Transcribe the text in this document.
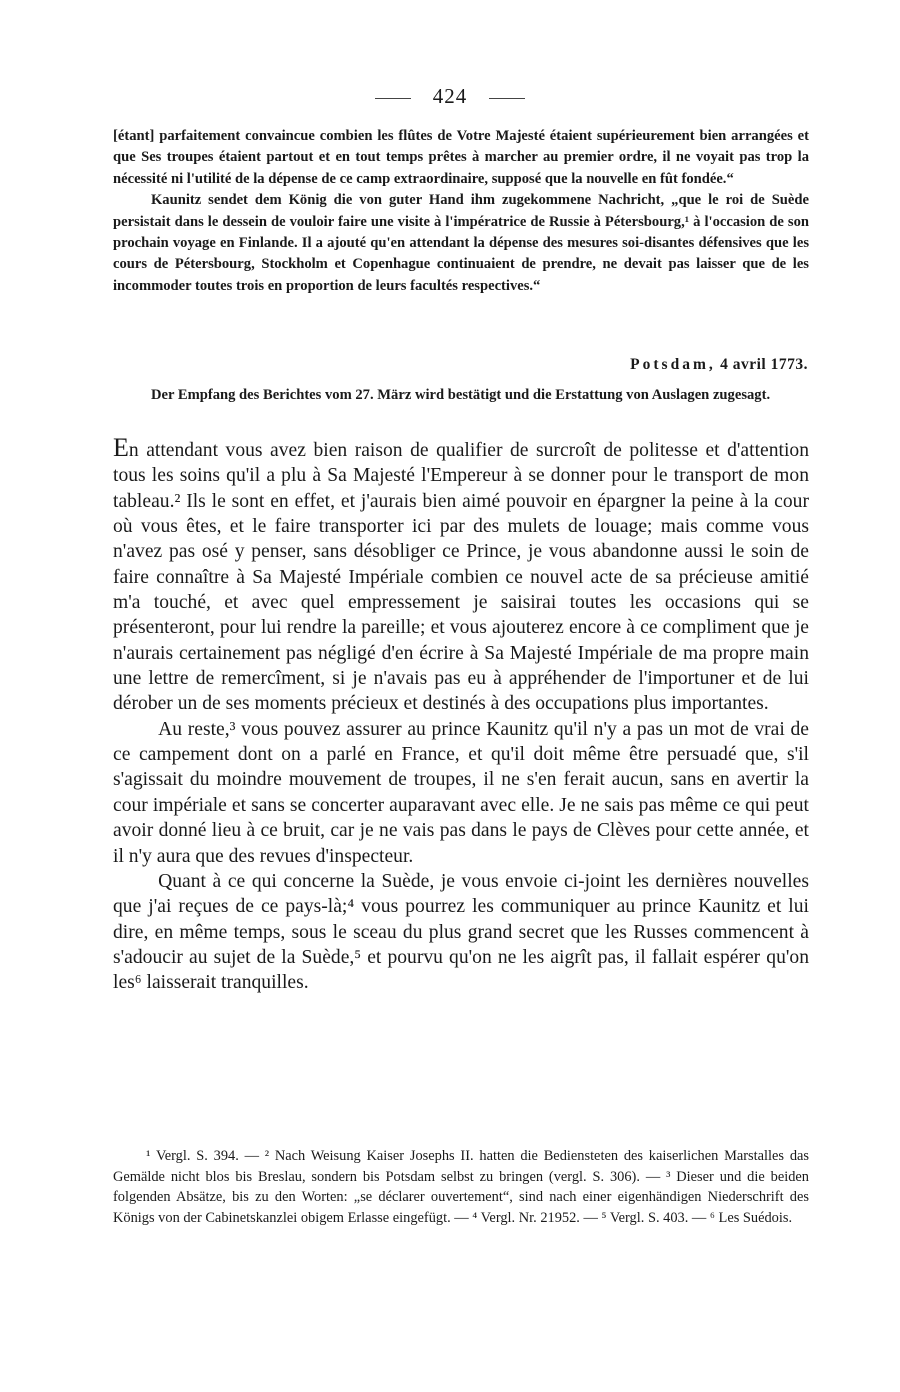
424

[étant] parfaitement convaincue combien les flûtes de Votre Majesté étaient supérieurement bien arrangées et que Ses troupes étaient partout et en tout temps prêtes à marcher au premier ordre, il ne voyait pas trop la nécessité ni l'utilité de la dépense de ce camp extraordinaire, supposé que la nouvelle en fût fondée.“

Kaunitz sendet dem König die von guter Hand ihm zugekommene Nachricht, „que le roi de Suède persistait dans le dessein de vouloir faire une visite à l'impératrice de Russie à Pétersbourg,¹ à l'occasion de son prochain voyage en Finlande. Il a ajouté qu'en attendant la dépense des mesures soi-disantes défensives que les cours de Pétersbourg, Stockholm et Copenhague continuaient de prendre, ne devait pas laisser que de les incommoder toutes trois en proportion de leurs facultés respectives.“

Potsdam, 4 avril 1773.

Der Empfang des Berichtes vom 27. März wird bestätigt und die Erstattung von Auslagen zugesagt.

En attendant vous avez bien raison de qualifier de surcroît de politesse et d'attention tous les soins qu'il a plu à Sa Majesté l'Empereur à se donner pour le transport de mon tableau.² Ils le sont en effet, et j'aurais bien aimé pouvoir en épargner la peine à la cour où vous êtes, et le faire transporter ici par des mulets de louage; mais comme vous n'avez pas osé y penser, sans désobliger ce Prince, je vous abandonne aussi le soin de faire connaître à Sa Majesté Impériale combien ce nouvel acte de sa précieuse amitié m'a touché, et avec quel empressement je saisirai toutes les occasions qui se présenteront, pour lui rendre la pareille; et vous ajouterez encore à ce compliment que je n'aurais certainement pas négligé d'en écrire à Sa Majesté Impériale de ma propre main une lettre de remercîment, si je n'avais pas eu à appréhender de l'importuner et de lui dérober un de ses moments précieux et destinés à des occupations plus importantes.

Au reste,³ vous pouvez assurer au prince Kaunitz qu'il n'y a pas un mot de vrai de ce campement dont on a parlé en France, et qu'il doit même être persuadé que, s'il s'agissait du moindre mouvement de troupes, il ne s'en ferait aucun, sans en avertir la cour impériale et sans se concerter auparavant avec elle. Je ne sais pas même ce qui peut avoir donné lieu à ce bruit, car je ne vais pas dans le pays de Clèves pour cette année, et il n'y aura que des revues d'inspecteur.

Quant à ce qui concerne la Suède, je vous envoie ci-joint les dernières nouvelles que j'ai reçues de ce pays-là;⁴ vous pourrez les communiquer au prince Kaunitz et lui dire, en même temps, sous le sceau du plus grand secret que les Russes commencent à s'adoucir au sujet de la Suède,⁵ et pourvu qu'on ne les aigrît pas, il fallait espérer qu'on les⁶ laisserait tranquilles.

¹ Vergl. S. 394. — ² Nach Weisung Kaiser Josephs II. hatten die Bediensteten des kaiserlichen Marstalles das Gemälde nicht blos bis Breslau, sondern bis Potsdam selbst zu bringen (vergl. S. 306). — ³ Dieser und die beiden folgenden Absätze, bis zu den Worten: „se déclarer ouvertement“, sind nach einer eigenhändigen Niederschrift des Königs von der Cabinetskanzlei obigem Erlasse eingefügt. — ⁴ Vergl. Nr. 21952. — ⁵ Vergl. S. 403. — ⁶ Les Suédois.
